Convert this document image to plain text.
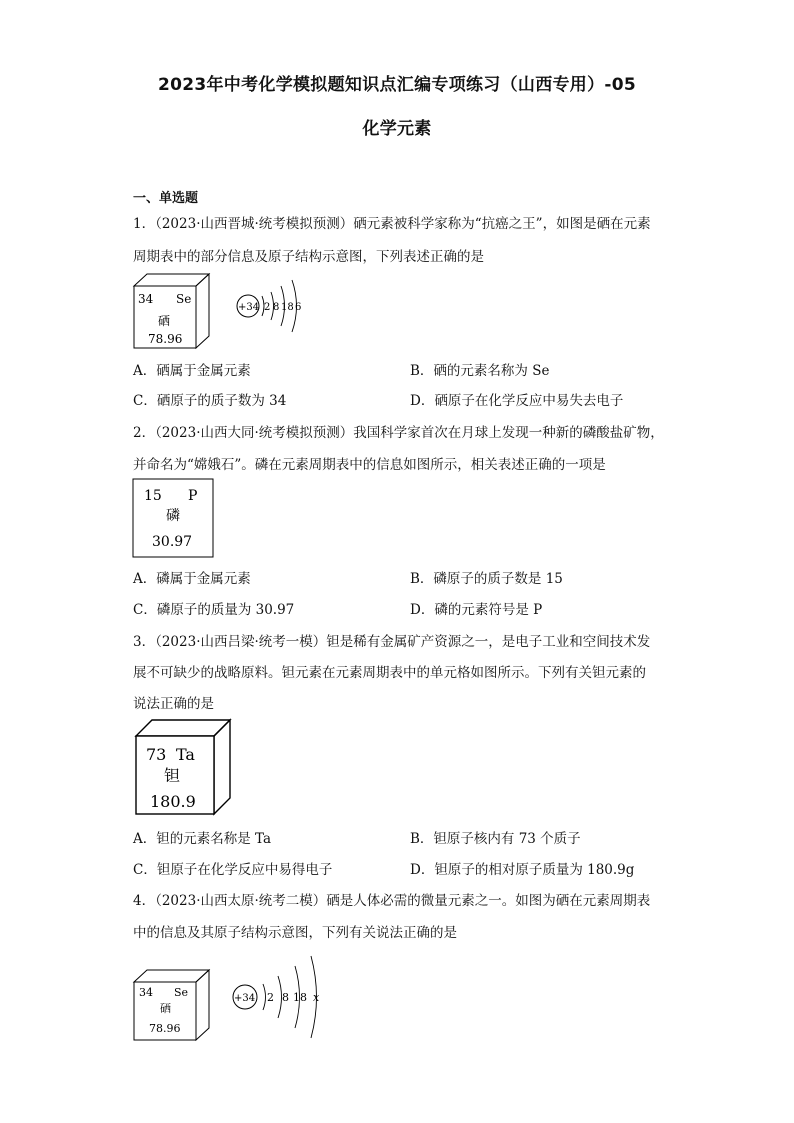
2023年中考化学模拟题知识点汇编专项练习（山西专用）-05
化学元素
一、单选题
1．（2023·山西晋城·统考模拟预测）硒元素被科学家称为“抗癌之王”，如图是硒在元素
周期表中的部分信息及原子结构示意图，下列表述正确的是
34 Se
硒
78.96
+34 2 8 18 6
A．硒属于金属元素	B．硒的元素名称为 Se
C．硒原子的质子数为 34	D．硒原子在化学反应中易失去电子
2．（2023·山西大同·统考模拟预测）我国科学家首次在月球上发现一种新的磷酸盐矿物，
并命名为“嫦娥石”。磷在元素周期表中的信息如图所示，相关表述正确的一项是
15 P
磷
30.97
A．磷属于金属元素	B．磷原子的质子数是 15
C．磷原子的质量为 30.97	D．磷的元素符号是 P
3．（2023·山西吕梁·统考一模）钽是稀有金属矿产资源之一，是电子工业和空间技术发
展不可缺少的战略原料。钽元素在元素周期表中的单元格如图所示。下列有关钽元素的
说法正确的是
73 Ta
钽
180.9
A．钽的元素名称是 Ta	B．钽原子核内有 73 个质子
C．钽原子在化学反应中易得电子	D．钽原子的相对原子质量为 180.9g
4．（2023·山西太原·统考二模）硒是人体必需的微量元素之一。如图为硒在元素周期表
中的信息及其原子结构示意图，下列有关说法正确的是
34 Se
硒
78.96
+34 2 8 18 x
